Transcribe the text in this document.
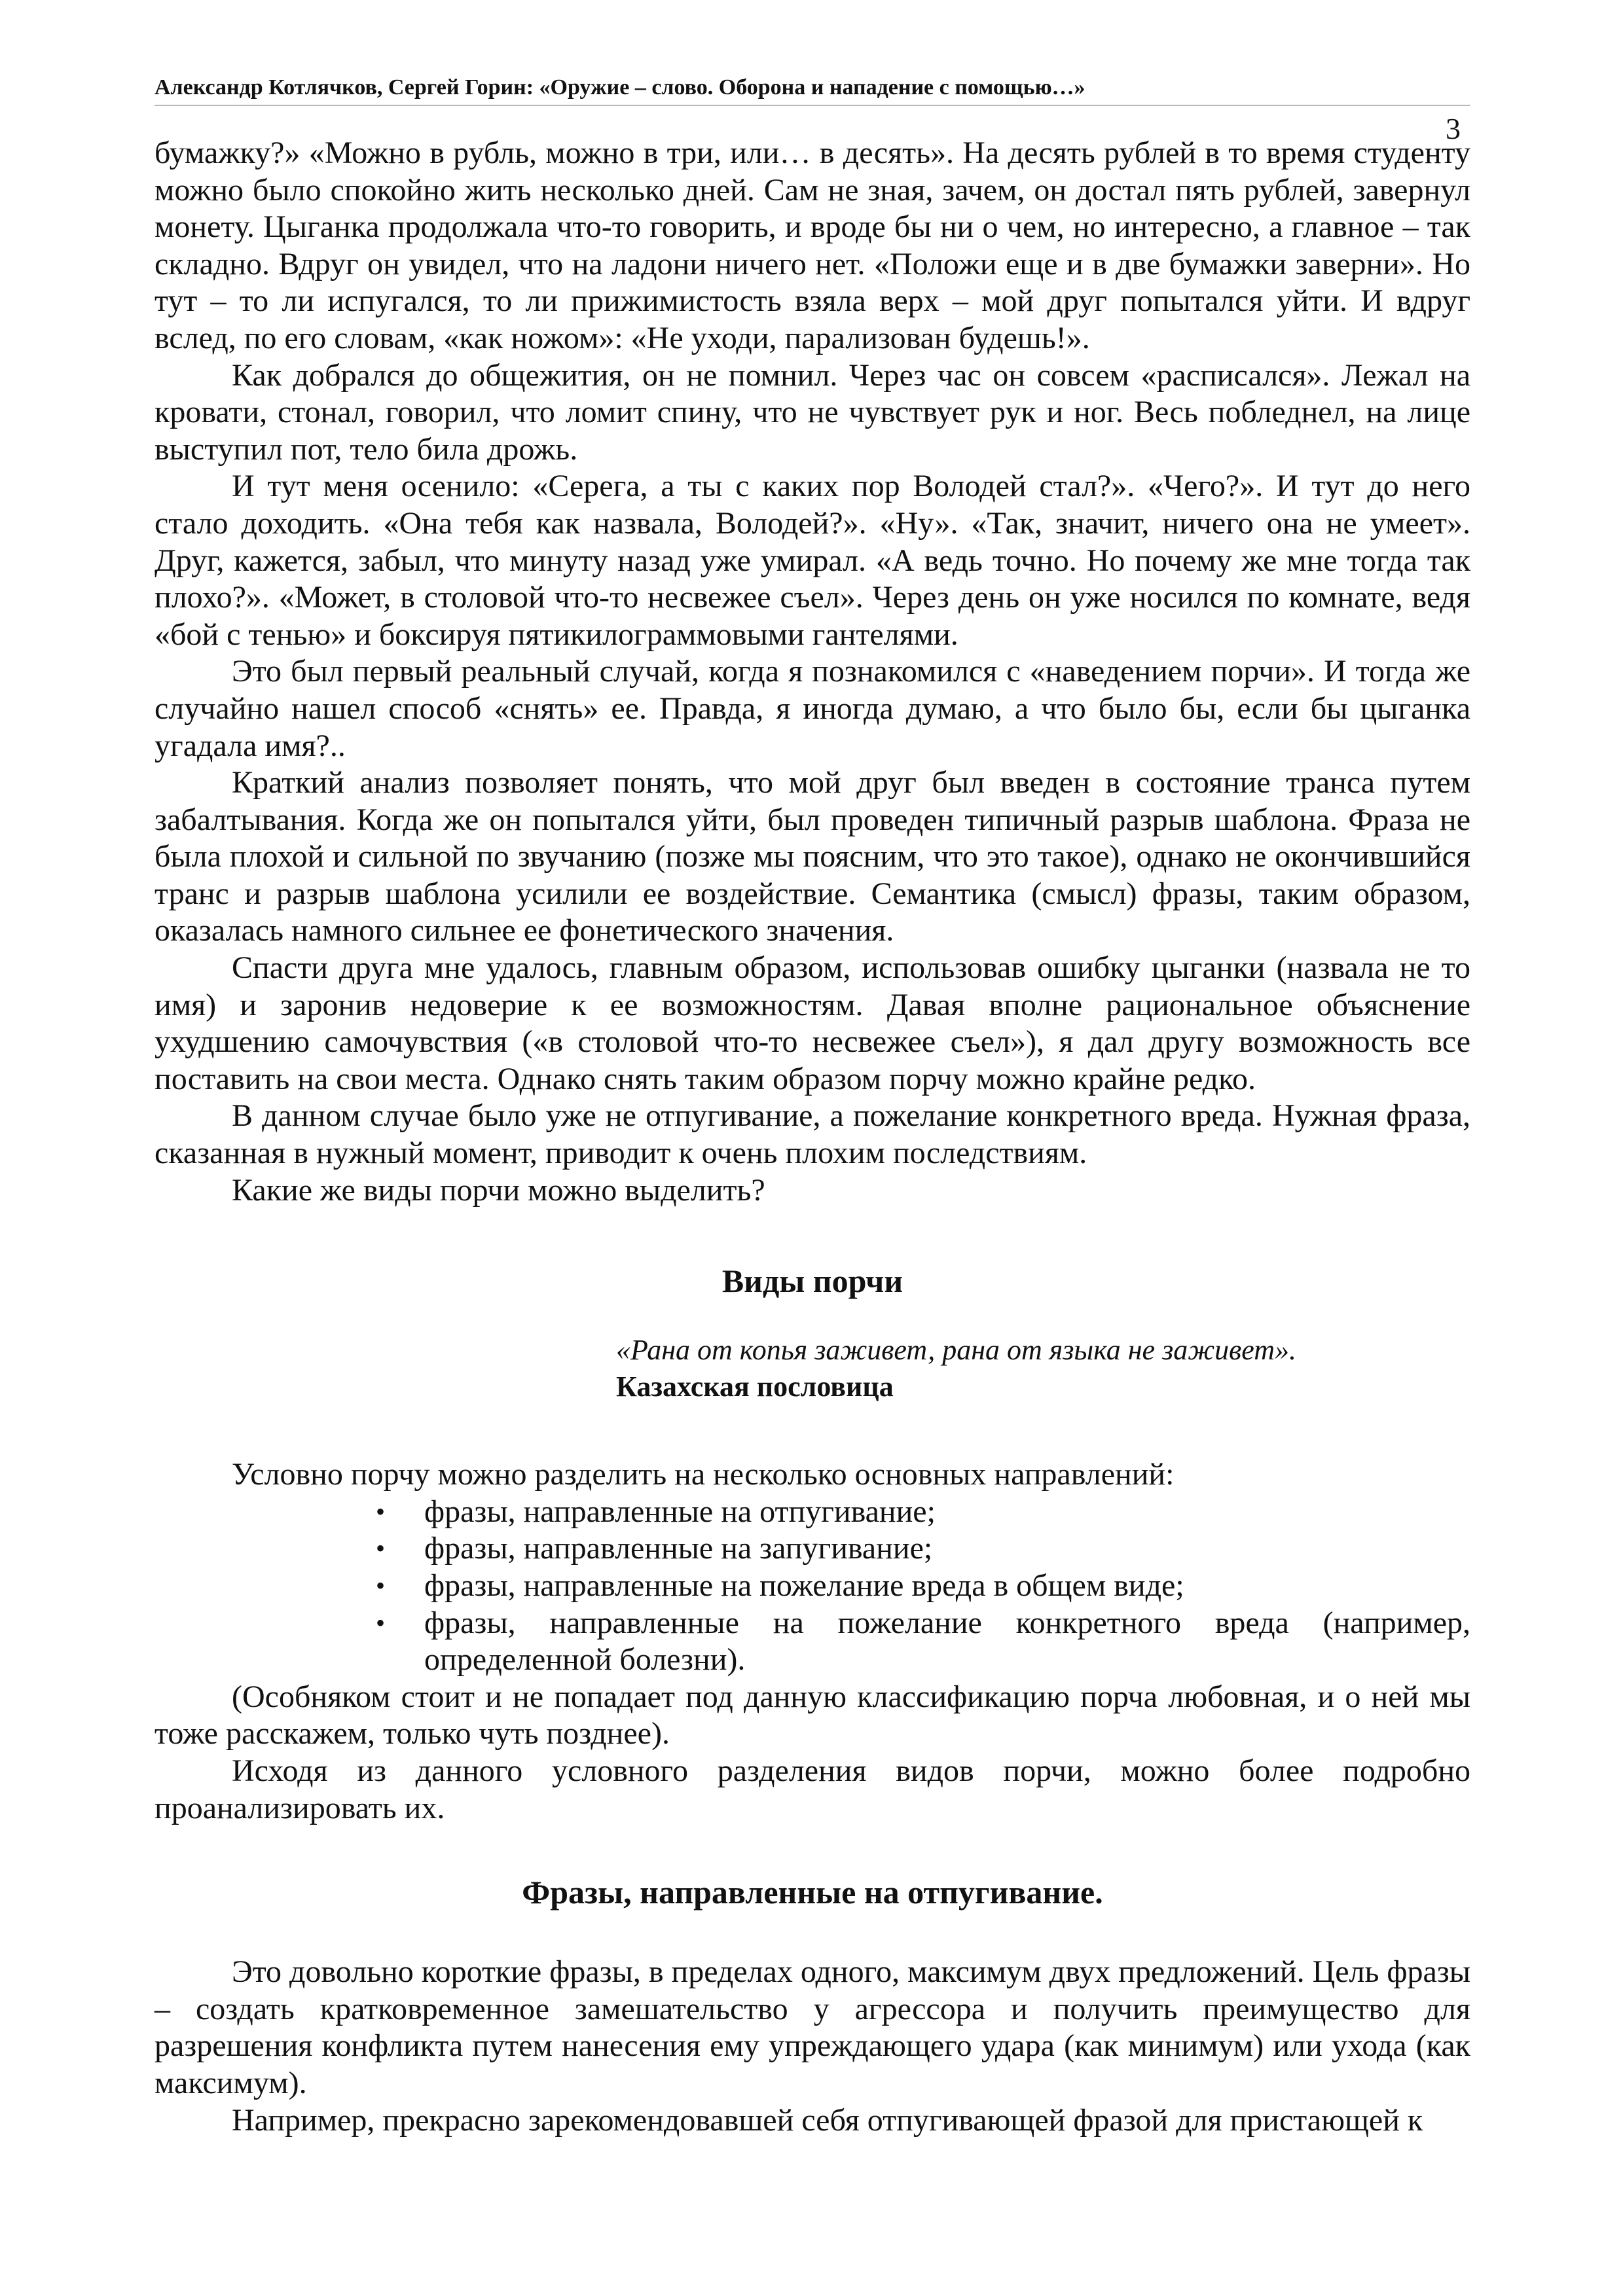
Александр Котлячков, Сергей Горин: «Оружие – слово. Оборона и нападение с помощью…»
3

бумажку?» «Можно в рубль, можно в три, или… в десять». На десять рублей в то время студенту можно было спокойно жить несколько дней. Сам не зная, зачем, он достал пять рублей, завернул монету. Цыганка продолжала что-то говорить, и вроде бы ни о чем, но интересно, а главное – так складно. Вдруг он увидел, что на ладони ничего нет. «Положи еще и в две бумажки заверни». Но тут – то ли испугался, то ли прижимистость взяла верх – мой друг попытался уйти. И вдруг вслед, по его словам, «как ножом»: «Не уходи, парализован будешь!».

Как добрался до общежития, он не помнил. Через час он совсем «расписался». Лежал на кровати, стонал, говорил, что ломит спину, что не чувствует рук и ног. Весь побледнел, на лице выступил пот, тело била дрожь.

И тут меня осенило: «Серега, а ты с каких пор Володей стал?». «Чего?». И тут до него стало доходить. «Она тебя как назвала, Володей?». «Ну». «Так, значит, ничего она не умеет». Друг, кажется, забыл, что минуту назад уже умирал. «А ведь точно. Но почему же мне тогда так плохо?». «Может, в столовой что-то несвежее съел». Через день он уже носился по комнате, ведя «бой с тенью» и боксируя пятикилограммовыми гантелями.

Это был первый реальный случай, когда я познакомился с «наведением порчи». И тогда же случайно нашел способ «снять» ее. Правда, я иногда думаю, а что было бы, если бы цыганка угадала имя?..

Краткий анализ позволяет понять, что мой друг был введен в состояние транса путем забалтывания. Когда же он попытался уйти, был проведен типичный разрыв шаблона. Фраза не была плохой и сильной по звучанию (позже мы поясним, что это такое), однако не окончившийся транс и разрыв шаблона усилили ее воздействие. Семантика (смысл) фразы, таким образом, оказалась намного сильнее ее фонетического значения.

Спасти друга мне удалось, главным образом, использовав ошибку цыганки (назвала не то имя) и заронив недоверие к ее возможностям. Давая вполне рациональное объяснение ухудшению самочувствия («в столовой что-то несвежее съел»), я дал другу возможность все поставить на свои места. Однако снять таким образом порчу можно крайне редко.

В данном случае было уже не отпугивание, а пожелание конкретного вреда. Нужная фраза, сказанная в нужный момент, приводит к очень плохим последствиям.

Какие же виды порчи можно выделить?

Виды порчи
«Рана от копья заживет, рана от языка не заживет».
Казахская пословица

Условно порчу можно разделить на несколько основных направлений:

• фразы, направленные на отпугивание;
• фразы, направленные на запугивание;
• фразы, направленные на пожелание вреда в общем виде;
• фразы, направленные на пожелание конкретного вреда (например, определенной болезни).

(Особняком стоит и не попадает под данную классификацию порча любовная, и о ней мы тоже расскажем, только чуть позднее).

Исходя из данного условного разделения видов порчи, можно более подробно проанализировать их.

Фразы, направленные на отпугивание.

Это довольно короткие фразы, в пределах одного, максимум двух предложений. Цель фразы – создать кратковременное замешательство у агрессора и получить преимущество для разрешения конфликта путем нанесения ему упреждающего удара (как минимум) или ухода (как максимум).

Например, прекрасно зарекомендовавшей себя отпугивающей фразой для пристающей к
